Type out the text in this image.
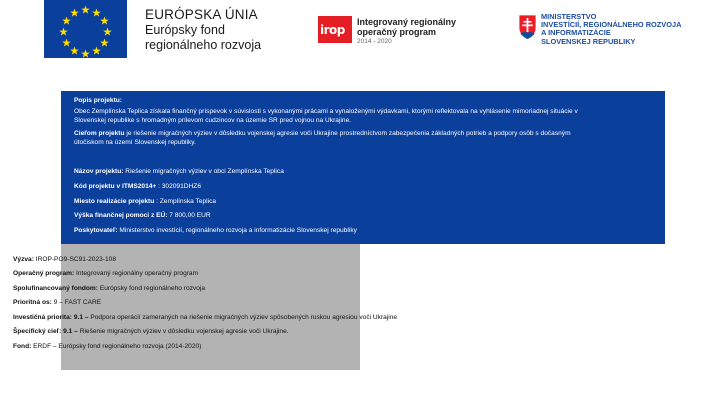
EURÓPSKA ÚNIA
Európsky fond
regionálneho rozvoja
irop
Integrovaný regionálny
operačný program
2014 - 2020
MINISTERSTVO
INVESTÍCIÍ, REGIONÁLNEHO ROZVOJA
A INFORMATIZÁCIE
SLOVENSKEJ REPUBLIKY

Popis projektu:

Obec Zemplínska Teplica získala finančný príspevok v súvislosti s vykonanými prácami a vynaloženými výdavkami, ktorými reflektovala na vyhlásenie mimoriadnej situácie v

Slovenskej republike s hromadným prílevom cudzincov na územie SR pred vojnou na Ukrajine.

Cieľom projektu je riešenie migračných výziev v dôsledku vojenskej agresie voči Ukrajine prostredníctvom zabezpečenia základných potrieb a podpory osôb s dočasným

útočiskom na území Slovenskej republiky.

Názov projektu: Riešenie migračných výziev v obci Zemplínska Teplica

Kód projektu v ITMS2014+ : 302091DHZ6

Miesto realizácie projektu : Zemplínska Teplica

Výška finančnej pomoci z EÚ: 7 800,00 EUR

Poskytovateľ: Ministerstvo investícií, regionálneho rozvoja a informatizácie Slovenskej republiky

Výzva: IROP-PO9-SC91-2023-108
Operačný program: Integrovaný regionálny operačný program
Spolufinancovaný fondom: Európsky fond regionálneho rozvoja
Prioritná os: 9 – FAST CARE
Investičná priorita: 9.1 – Podpora operácií zameraných na riešenie migračných výziev spôsobených ruskou agresiou voči Ukrajine
Špecifický cieľ: 9.1 – Riešenie migračných výziev v dôsledku vojenskej agresie voči Ukrajine.
Fond: ERDF – Európsky fond regionálneho rozvoja (2014-2020)
